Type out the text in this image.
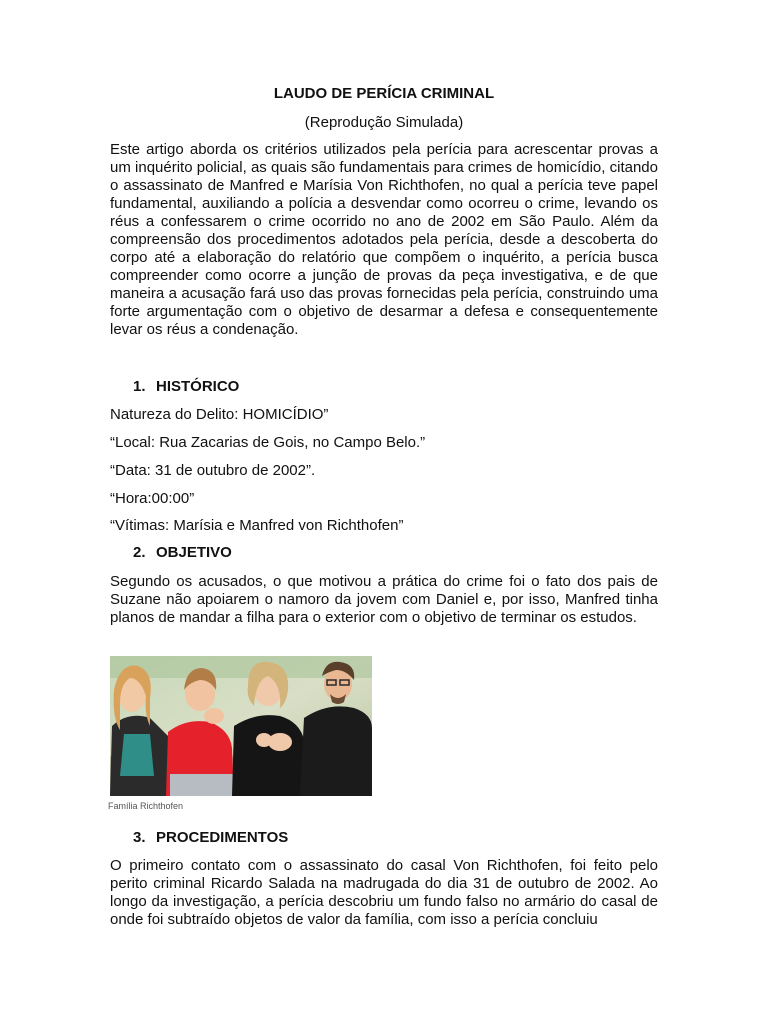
LAUDO DE PERÍCIA CRIMINAL
(Reprodução Simulada)

Este artigo aborda os critérios utilizados pela perícia para acrescentar provas a um inquérito policial, as quais são fundamentais para crimes de homicídio, citando o assassinato de Manfred e Marísia Von Richthofen, no qual a perícia teve papel fundamental, auxiliando a polícia a desvendar como ocorreu o crime, levando os réus a confessarem o crime ocorrido no ano de 2002 em São Paulo. Além da compreensão dos procedimentos adotados pela perícia, desde a descoberta do corpo até a elaboração do relatório que compõem o inquérito, a perícia busca compreender como ocorre a junção de provas da peça investigativa, e de que maneira a acusação fará uso das provas fornecidas pela perícia, construindo uma forte argumentação com o objetivo de desarmar a defesa e consequentemente levar os réus a condenação.

1. HISTÓRICO
Natureza do Delito: HOMICÍDIO”
“Local: Rua Zacarias de Gois, no Campo Belo.”
“Data: 31 de outubro de 2002”.
“Hora:00:00”
“Vítimas: Marísia e Manfred von Richthofen”
2. OBJETIVO

Segundo os acusados, o que motivou a prática do crime foi o fato dos pais de Suzane não apoiarem o namoro da jovem com Daniel e, por isso, Manfred tinha planos de mandar a filha para o exterior com o objetivo de terminar os estudos.

Família Richthofen
3. PROCEDIMENTOS

O primeiro contato com o assassinato do casal Von Richthofen, foi feito pelo perito criminal Ricardo Salada na madrugada do dia 31 de outubro de 2002. Ao longo da investigação, a perícia descobriu um fundo falso no armário do casal de onde foi subtraído objetos de valor da família, com isso a perícia concluiu
